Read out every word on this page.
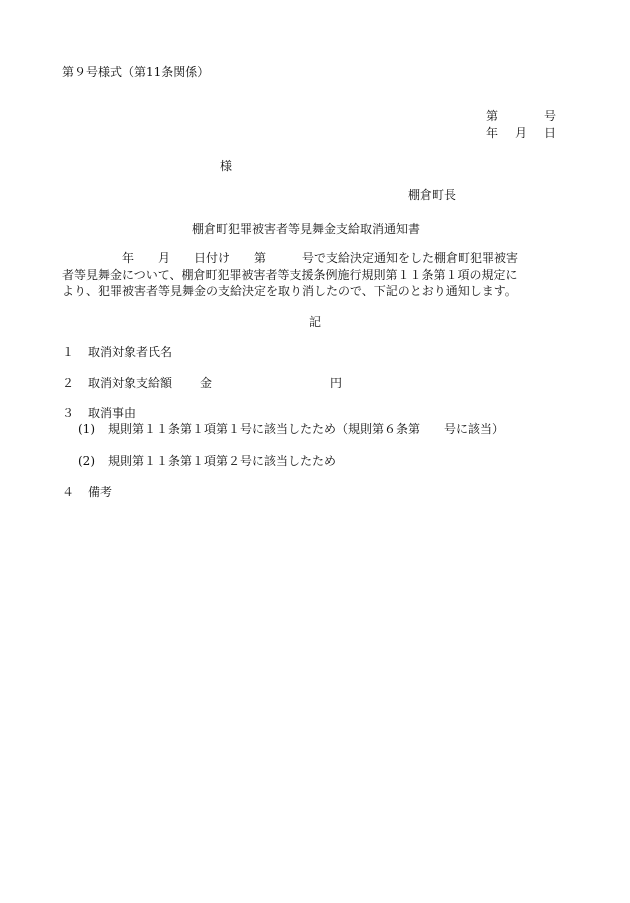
第９号様式（第11条関係）
第	号
年 月 日
様
棚倉町長
棚倉町犯罪被害者等見舞金支給取消通知書
　　　　　年　　月　　日付け　　第　　　号で支給決定通知をした棚倉町犯罪被害
者等見舞金について、棚倉町犯罪被害者等支援条例施行規則第１１条第１項の規定に
より、犯罪被害者等見舞金の支給決定を取り消したので、下記のとおり通知します。
記
１ 取消対象者氏名
２ 取消対象支給額 金	円
３ 取消事由
(1) 規則第１１条第１項第１号に該当したため（規則第６条第　　号に該当）
(2) 規則第１１条第１項第２号に該当したため
４ 備考
